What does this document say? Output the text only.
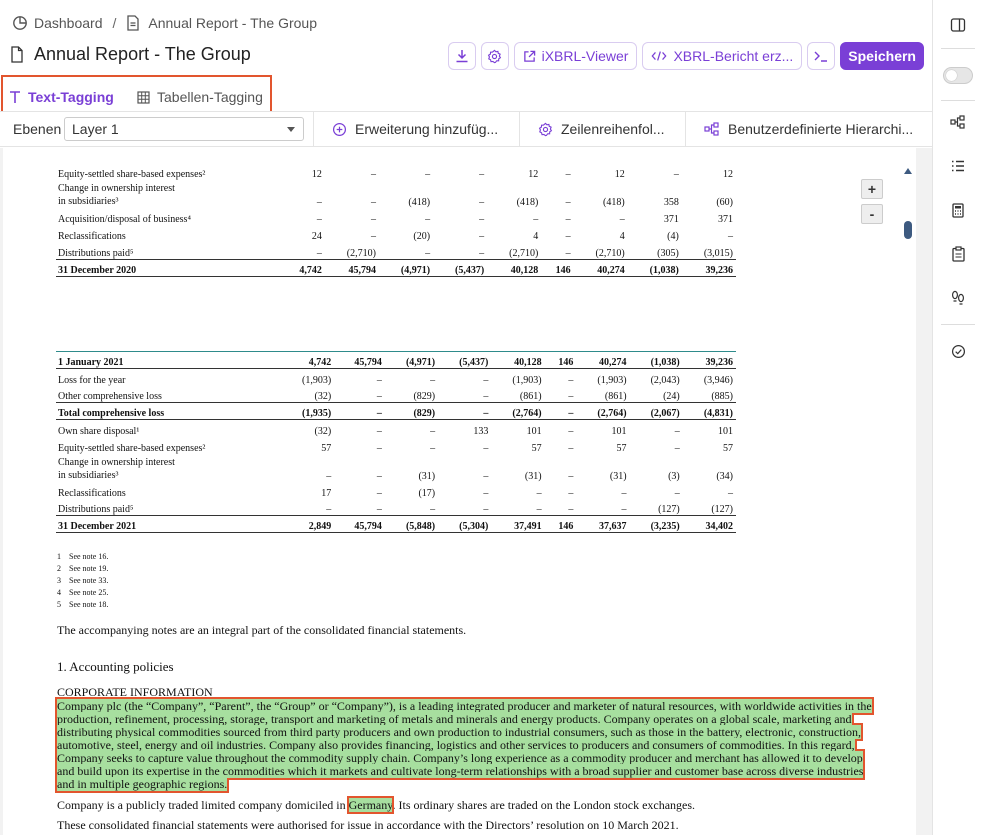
Dashboard / Annual Report - The Group
Annual Report - The Group	iXBRL-Viewer	XBRL-Bericht erz...	Speichern
Text-Tagging	Tabellen-Tagging
Ebenen Layer 1	Erweiterung hinzufüg...	Zeilenreihenfol...	Benutzerdefinierte Hierarchi...
Equity-settled share-based expenses²	12	–	–	–	12	–	12	–	12
Change in ownership interest
in subsidiaries³	–	–	(418)	–	(418)	–	(418)	358	(60)
Acquisition/disposal of business⁴	–	–	–	–	–	–	–	371	371
Reclassifications	24	–	(20)	–	4	–	4	(4)	–
Distributions paid⁵	–	(2,710)	–	–	(2,710)	–	(2,710)	(305)	(3,015)
31 December 2020	4,742	45,794	(4,971)	(5,437)	40,128	146	40,274	(1,038)	39,236
1 January 2021	4,742	45,794	(4,971)	(5,437)	40,128	146	40,274	(1,038)	39,236
Loss for the year	(1,903)	–	–	–	(1,903)	–	(1,903)	(2,043)	(3,946)
Other comprehensive loss	(32)	–	(829)	–	(861)	–	(861)	(24)	(885)
Total comprehensive loss	(1,935)	–	(829)	–	(2,764)	–	(2,764)	(2,067)	(4,831)
Own share disposal¹	(32)	–	–	133	101	–	101	–	101
Equity-settled share-based expenses²	57	–	–	–	57	–	57	–	57
Change in ownership interest
in subsidiaries³	–	–	(31)	–	(31)	–	(31)	(3)	(34)
Reclassifications	17	–	(17)	–	–	–	–	–	–
Distributions paid⁵	–	–	–	–	–	–	–	(127)	(127)
31 December 2021	2,849	45,794	(5,848)	(5,304)	37,491	146	37,637	(3,235)	34,402
1 See note 16.
2 See note 19.
3 See note 33.
4 See note 25.
5 See note 18.
The accompanying notes are an integral part of the consolidated financial statements.
1. Accounting policies
CORPORATE INFORMATION
Company plc (the “Company”, “Parent”, the “Group” or “Company”), is a leading integrated producer and marketer of natural resources, with worldwide activities in the production, refinement, processing, storage, transport and marketing of metals and minerals and energy products. Company operates on a global scale, marketing and distributing physical commodities sourced from third party producers and own production to industrial consumers, such as those in the battery, electronic, construction, automotive, steel, energy and oil industries. Company also provides financing, logistics and other services to producers and consumers of commodities. In this regard, Company seeks to capture value throughout the commodity supply chain. Company’s long experience as a commodity producer and merchant has allowed it to develop and build upon its expertise in the commodities which it markets and cultivate long-term relationships with a broad supplier and customer base across diverse industries and in multiple geographic regions.
Company is a publicly traded limited company domiciled in Germany. Its ordinary shares are traded on the London stock exchanges.
These consolidated financial statements were authorised for issue in accordance with the Directors’ resolution on 10 March 2021.
+
-
